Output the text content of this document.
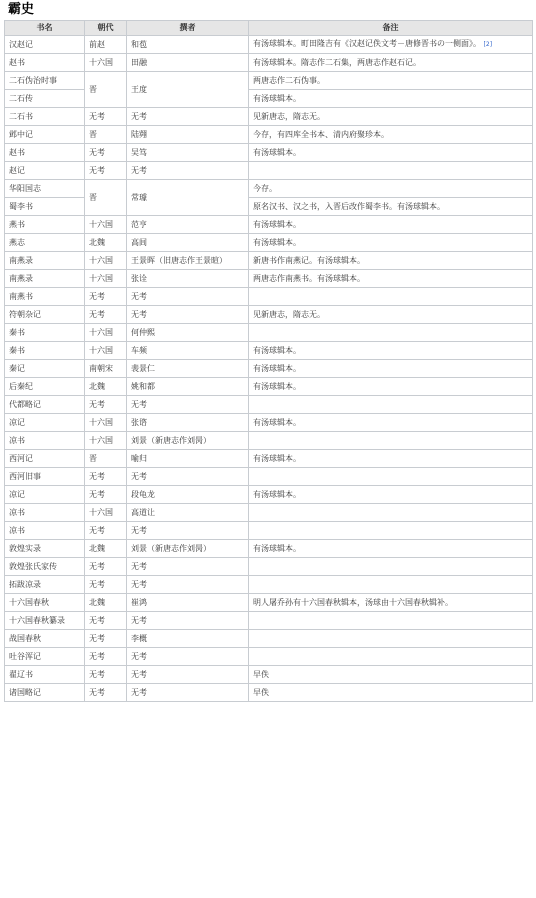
霸史
书名	朝代	撰者	备注
汉赵记	前赵	和苞	有汤球辑本。町田隆吉有《汉赵记佚文考－唐修晋书の一侧面》。 [2]
赵书	十六国	田融	有汤球辑本。隋志作二石集，两唐志作赵石记。
二石伪治时事	晋	王度	两唐志作二石伪事。
二石传			有汤球辑本。
二石书	无考	无考	见新唐志，隋志无。
邺中记	晋	陆翙	今存，有四库全书本、清内府聚珍本。
赵书	无考	吴笃	有汤球辑本。
赵记	无考	无考	
华阳国志	晋	常璩	今存。
蜀李书			原名汉书、汉之书，入晋后改作蜀李书。有汤球辑本。
燕书	十六国	范亨	有汤球辑本。
燕志	北魏	高闾	有汤球辑本。
南燕录	十六国	王景晖（旧唐志作王景暄）	新唐书作南燕记。有汤球辑本。
南燕录	十六国	张诠	两唐志作南燕书。有汤球辑本。
南燕书	无考	无考	
符朝杂记	无考	无考	见新唐志，隋志无。
秦书	十六国	何仲熙	
秦书	十六国	车频	有汤球辑本。
秦记	南朝宋	裴景仁	有汤球辑本。
后秦纪	北魏	姚和都	有汤球辑本。
代都略记	无考	无考	
凉记	十六国	张谘	有汤球辑本。
凉书	十六国	刘景（新唐志作刘昺）	
西河记	晋	喻归	有汤球辑本。
西河旧事	无考	无考	
凉记	无考	段龟龙	有汤球辑本。
凉书	十六国	高道让	
凉书	无考	无考	
敦煌实录	北魏	刘景（新唐志作刘昺）	有汤球辑本。
敦煌张氏家传	无考	无考	
拓跋凉录	无考	无考	
十六国春秋	北魏	崔鸿	明人屠乔孙有十六国春秋辑本，汤球由十六国春秋辑补。
十六国春秋纂录	无考	无考	
战国春秋	无考	李概	
吐谷浑记	无考	无考	
翟辽书	无考	无考	早佚
诸国略记	无考	无考	早佚
